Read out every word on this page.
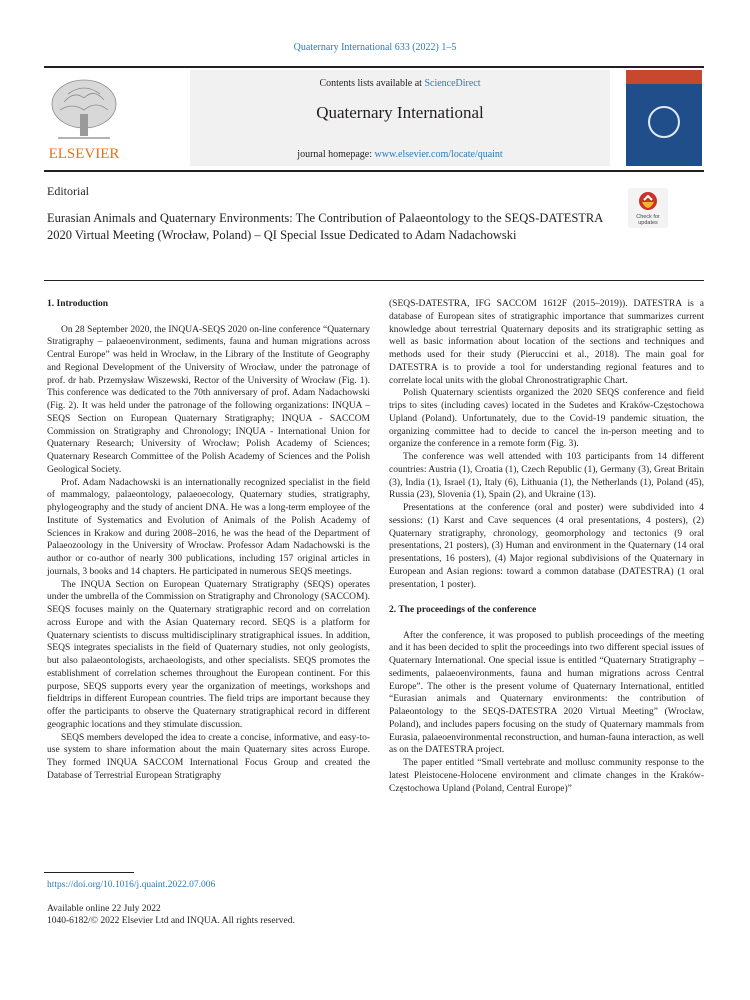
Quaternary International 633 (2022) 1–5
ELSEVIER
Contents lists available at ScienceDirect
Quaternary International
journal homepage: www.elsevier.com/locate/quaint
Editorial
Eurasian Animals and Quaternary Environments: The Contribution of Palaeontology to the SEQS-DATESTRA 2020 Virtual Meeting (Wrocław, Poland) – QI Special Issue Dedicated to Adam Nadachowski
Check for
updates
1. Introduction

On 28 September 2020, the INQUA-SEQS 2020 on-line conference “Quaternary Stratigraphy – palaeoenvironment, sediments, fauna and human migrations across Central Europe” was held in Wrocław, in the Library of the Institute of Geography and Regional Development of the University of Wrocław, under the patronage of prof. dr hab. Przemysław Wiszewski, Rector of the University of Wrocław (Fig. 1). This conference was dedicated to the 70th anniversary of prof. Adam Nadachowski (Fig. 2). It was held under the patronage of the following organizations: INQUA – SEQS Section on European Quaternary Stratigraphy; INQUA - SACCOM Commission on Stratigraphy and Chronology; INQUA - International Union for Quaternary Research; University of Wrocław; Polish Academy of Sciences; Quaternary Research Committee of the Polish Academy of Sciences and the Polish Geological Society.

Prof. Adam Nadachowski is an internationally recognized specialist in the field of mammalogy, palaeontology, palaeoecology, Quaternary studies, stratigraphy, phylogeography and the study of ancient DNA. He was a long-term employee of the Institute of Systematics and Evolution of Animals of the Polish Academy of Sciences in Krakow and during 2008–2016, he was the head of the Department of Palaeozoology in the University of Wrocław. Professor Adam Nadachowski is the author or co-author of nearly 300 publications, including 157 original articles in journals, 3 books and 14 chapters. He participated in numerous SEQS meetings.

The INQUA Section on European Quaternary Stratigraphy (SEQS) operates under the umbrella of the Commission on Stratigraphy and Chronology (SACCOM). SEQS focuses mainly on the Quaternary stratigraphic record and on correlation across Europe and with the Asian Quaternary record. SEQS is a platform for Quaternary scientists to discuss multidisciplinary stratigraphical issues. In addition, SEQS integrates specialists in the field of Quaternary studies, not only geologists, but also palaeontologists, archaeologists, and other specialists. SEQS promotes the establishment of correlation schemes throughout the European continent. For this purpose, SEQS supports every year the organization of meetings, workshops and fieldtrips in different European countries. The field trips are important because they offer the participants to observe the Quaternary stratigraphical record in different geographic locations and they stimulate discussion.

SEQS members developed the idea to create a concise, informative, and easy-to-use system to share information about the main Quaternary sites across Europe. They formed INQUA SACCOM International Focus Group and created the Database of Terrestrial European Stratigraphy

(SEQS-DATESTRA, IFG SACCOM 1612F (2015–2019)). DATESTRA is a database of European sites of stratigraphic importance that summarizes current knowledge about terrestrial Quaternary deposits and its stratigraphic setting as well as basic information about location of the sections and techniques and methods used for their study (Pieruccini et al., 2018). The main goal for DATESTRA is to provide a tool for understanding regional features and to correlate local units with the global Chronostratigraphic Chart.

Polish Quaternary scientists organized the 2020 SEQS conference and field trips to sites (including caves) located in the Sudetes and Kraków-Częstochowa Upland (Poland). Unfortunately, due to the Covid-19 pandemic situation, the organizing committee had to decide to cancel the in-person meeting and to organize the conference in a remote form (Fig. 3).

The conference was well attended with 103 participants from 14 different countries: Austria (1), Croatia (1), Czech Republic (1), Germany (3), Great Britain (3), India (1), Israel (1), Italy (6), Lithuania (1), the Netherlands (1), Poland (45), Russia (23), Slovenia (1), Spain (2), and Ukraine (13).

Presentations at the conference (oral and poster) were subdivided into 4 sessions: (1) Karst and Cave sequences (4 oral presentations, 4 posters), (2) Quaternary stratigraphy, chronology, geomorphology and tectonics (9 oral presentations, 21 posters), (3) Human and environment in the Quaternary (14 oral presentations, 16 posters), (4) Major regional subdivisions of the Quaternary in European and Asian regions: toward a common database (DATESTRA) (1 oral presentation, 1 poster).

2. The proceedings of the conference

After the conference, it was proposed to publish proceedings of the meeting and it has been decided to split the proceedings into two different special issues of Quaternary International. One special issue is entitled “Quaternary Stratigraphy – sediments, palaeoenvironments, fauna and human migrations across Central Europe”. The other is the present volume of Quaternary International, entitled “Eurasian animals and Quaternary environments: the contribution of Palaeontology to the SEQS-DATESTRA 2020 Virtual Meeting” (Wrocław, Poland), and includes papers focusing on the study of Quaternary mammals from Eurasia, palaeoenvironmental reconstruction, and human-fauna interaction, as well as on the DATESTRA project.

The paper entitled “Small vertebrate and mollusc community response to the latest Pleistocene-Holocene environment and climate changes in the Kraków-Częstochowa Upland (Poland, Central Europe)”

https://doi.org/10.1016/j.quaint.2022.07.006
Available online 22 July 2022
1040-6182/© 2022 Elsevier Ltd and INQUA. All rights reserved.
